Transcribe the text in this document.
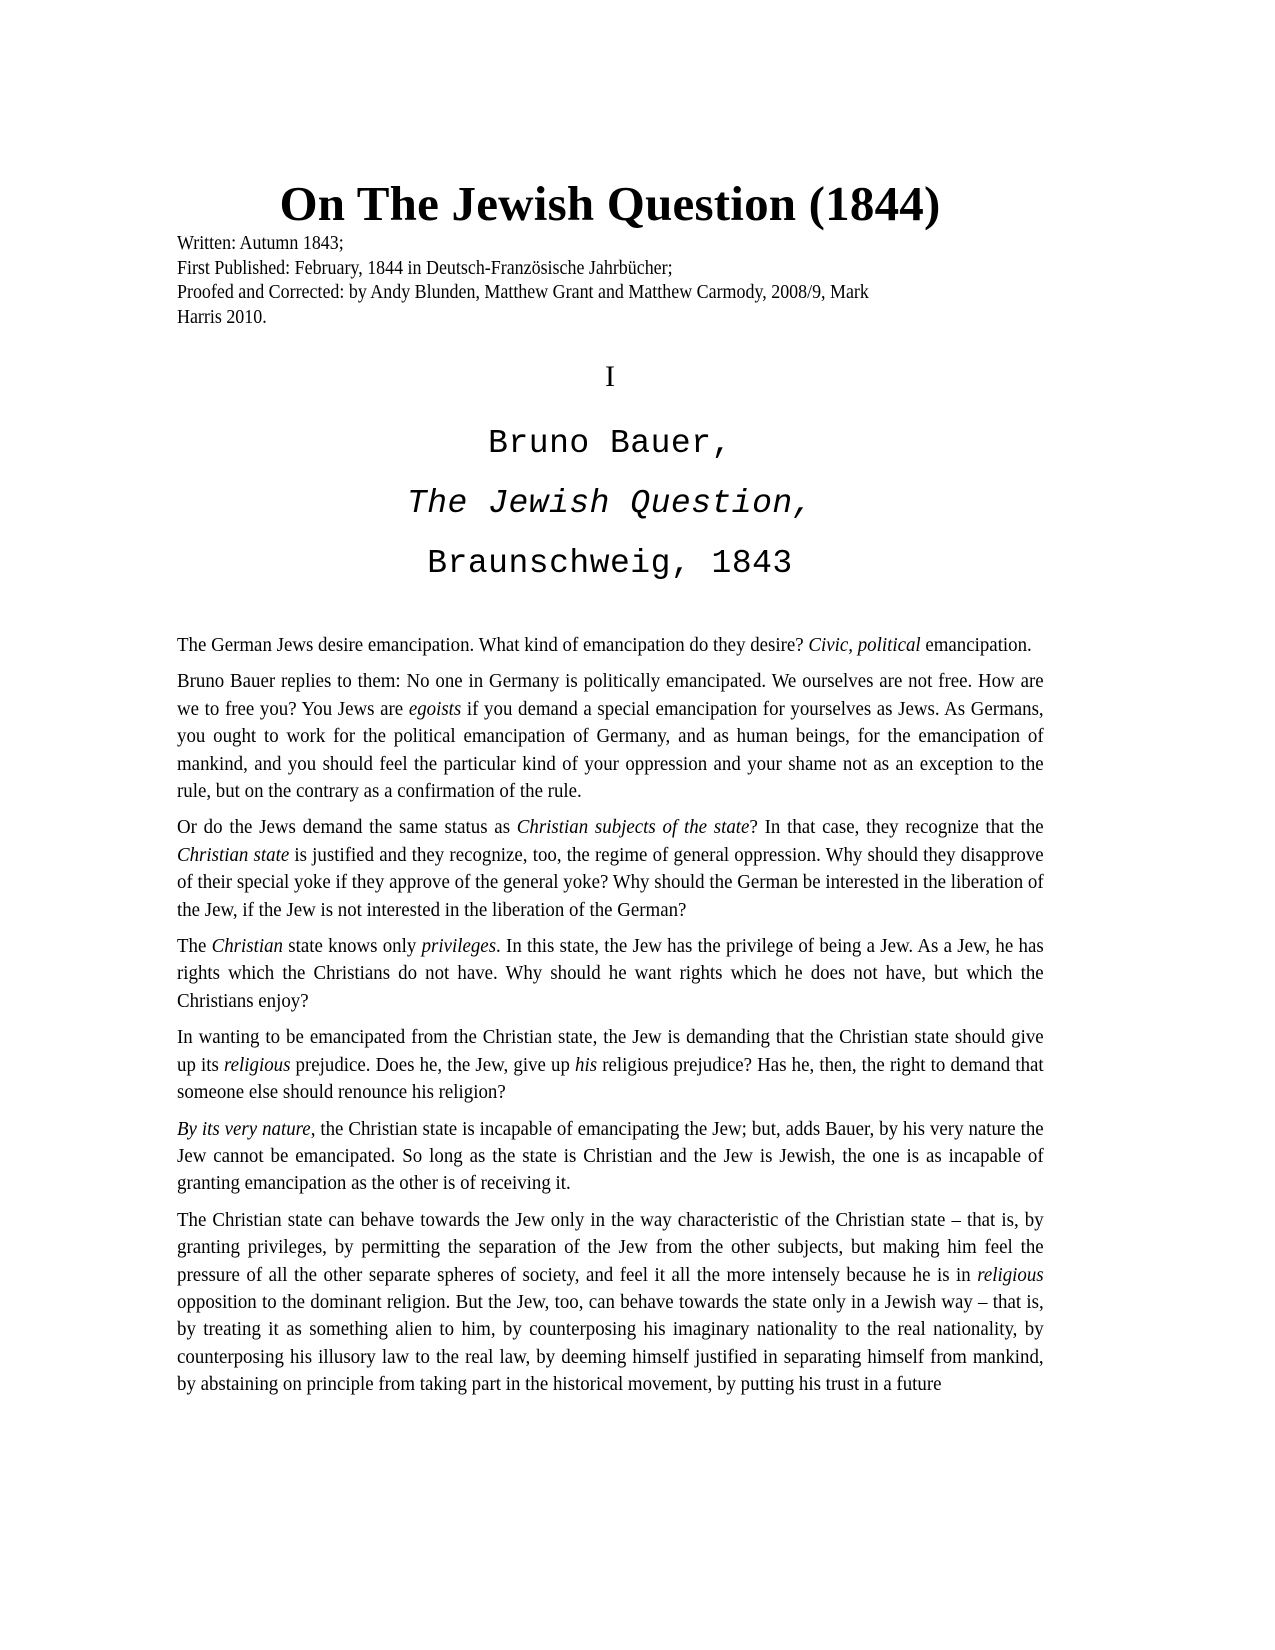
On The Jewish Question (1844)
Written: Autumn 1843;
First Published: February, 1844 in Deutsch-Französische Jahrbücher;
Proofed and Corrected: by Andy Blunden, Matthew Grant and Matthew Carmody, 2008/9, Mark
Harris 2010.
I
Bruno Bauer,
The Jewish Question,
Braunschweig, 1843

The German Jews desire emancipation. What kind of emancipation do they desire? Civic, political emancipation.

Bruno Bauer replies to them: No one in Germany is politically emancipated. We ourselves are not free. How are we to free you? You Jews are egoists if you demand a special emancipation for yourselves as Jews. As Germans, you ought to work for the political emancipation of Germany, and as human beings, for the emancipation of mankind, and you should feel the particular kind of your oppression and your shame not as an exception to the rule, but on the contrary as a confirmation of the rule.

Or do the Jews demand the same status as Christian subjects of the state? In that case, they recognize that the Christian state is justified and they recognize, too, the regime of general oppression. Why should they disapprove of their special yoke if they approve of the general yoke? Why should the German be interested in the liberation of the Jew, if the Jew is not interested in the liberation of the German?

The Christian state knows only privileges. In this state, the Jew has the privilege of being a Jew. As a Jew, he has rights which the Christians do not have. Why should he want rights which he does not have, but which the Christians enjoy?

In wanting to be emancipated from the Christian state, the Jew is demanding that the Christian state should give up its religious prejudice. Does he, the Jew, give up his religious prejudice? Has he, then, the right to demand that someone else should renounce his religion?

By its very nature, the Christian state is incapable of emancipating the Jew; but, adds Bauer, by his very nature the Jew cannot be emancipated. So long as the state is Christian and the Jew is Jewish, the one is as incapable of granting emancipation as the other is of receiving it.

The Christian state can behave towards the Jew only in the way characteristic of the Christian state – that is, by granting privileges, by permitting the separation of the Jew from the other subjects, but making him feel the pressure of all the other separate spheres of society, and feel it all the more intensely because he is in religious opposition to the dominant religion. But the Jew, too, can behave towards the state only in a Jewish way – that is, by treating it as something alien to him, by counterposing his imaginary nationality to the real nationality, by counterposing his illusory law to the real law, by deeming himself justified in separating himself from mankind, by abstaining on principle from taking part in the historical movement, by putting his trust in a future
